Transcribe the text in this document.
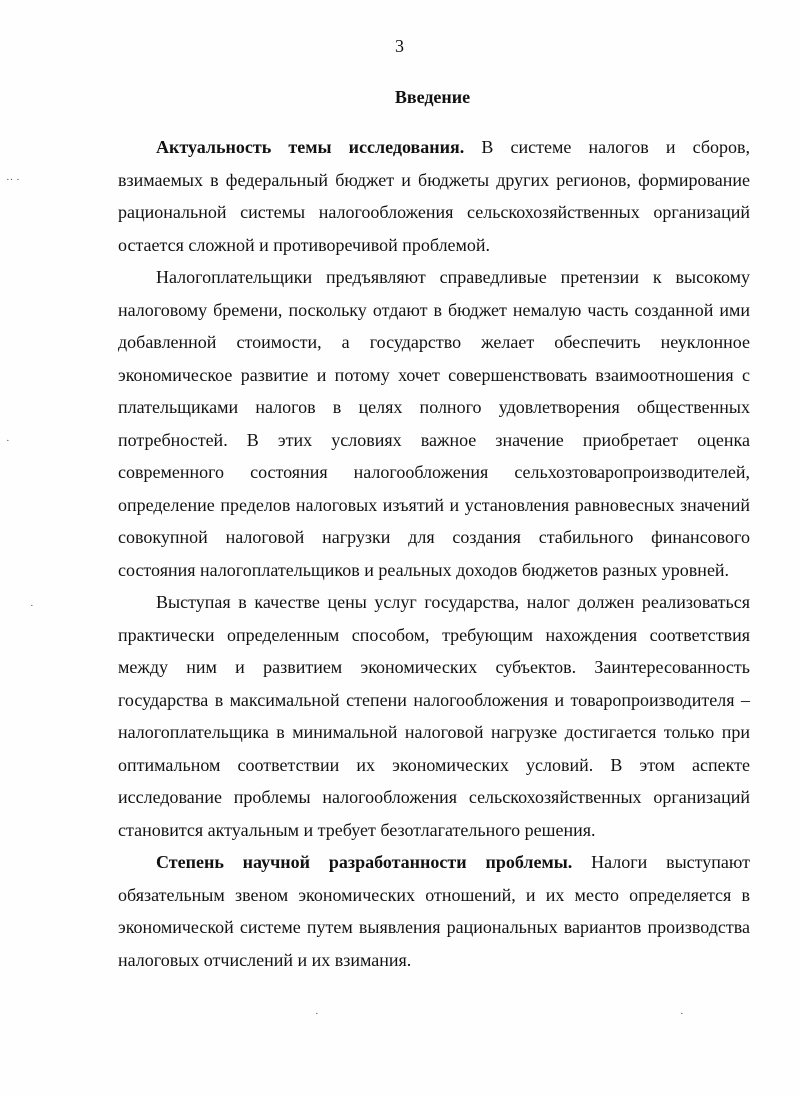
3
Введение

Актуальность темы исследования. В системе налогов и сборов, взимаемых в федеральный бюджет и бюджеты других регионов, формирование рациональной системы налогообложения сельскохозяйственных организаций остается сложной и противоречивой проблемой.

Налогоплательщики предъявляют справедливые претензии к высокому налоговому бремени, поскольку отдают в бюджет немалую часть созданной ими добавленной стоимости, а государство желает обеспечить неуклонное экономическое развитие и потому хочет совершенствовать взаимоотношения с плательщиками налогов в целях полного удовлетворения общественных потребностей. В этих условиях важное значение приобретает оценка современного состояния налогообложения сельхозтоваропроизводителей, определение пределов налоговых изъятий и установления равновесных значений совокупной налоговой нагрузки для создания стабильного финансового состояния налогоплательщиков и реальных доходов бюджетов разных уровней.

Выступая в качестве цены услуг государства, налог должен реализоваться практически определенным способом, требующим нахождения соответствия между ним и развитием экономических субъектов. Заинтересованность государства в максимальной степени налогообложения и товаропроизводителя – налогоплательщика в минимальной налоговой нагрузке достигается только при оптимальном соответствии их экономических условий. В этом аспекте исследование проблемы налогообложения сельскохозяйственных организаций становится актуальным и требует безотлагательного решения.

Степень научной разработанности проблемы. Налоги выступают обязательным звеном экономических отношений, и их место определяется в экономической системе путем выявления рациональных вариантов производства налоговых отчислений и их взимания.

·· ·
·
·
·	·
